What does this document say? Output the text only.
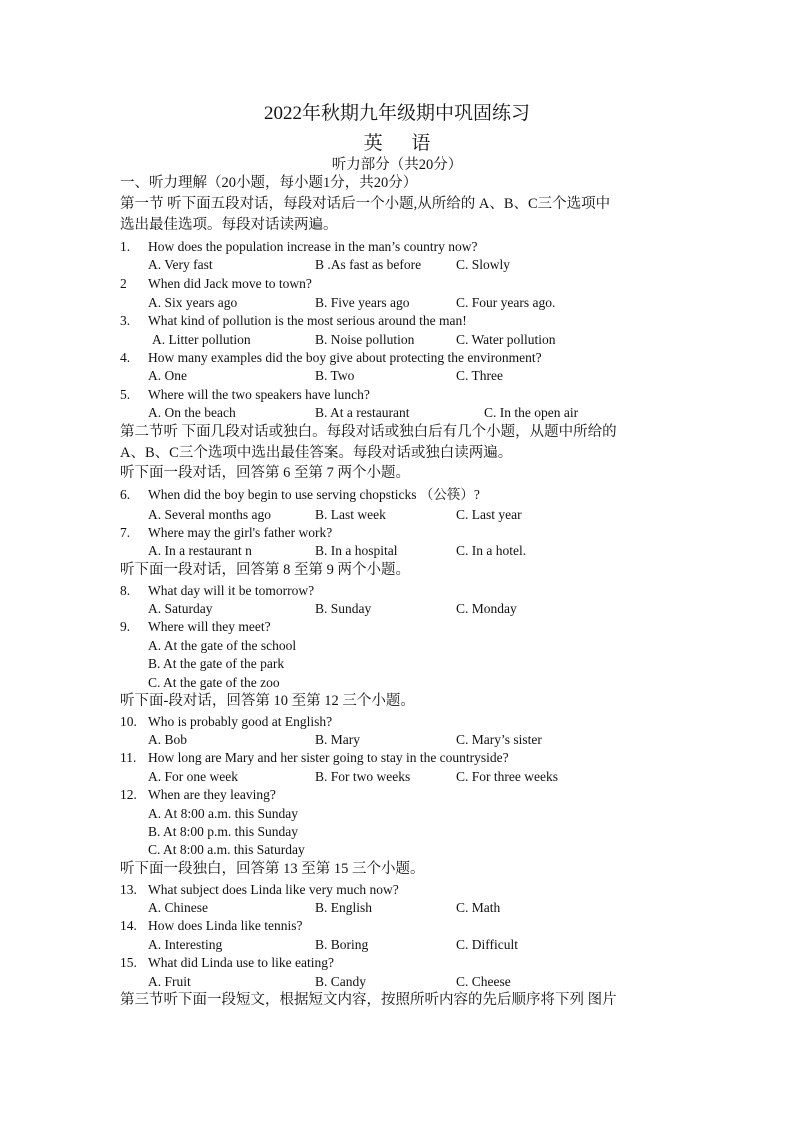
2022年秋期九年级期中巩固练习
英 语
听力部分（共20分）
一、听力理解（20小题，每小题1分，共20分）
第一节 听下面五段对话，每段对话后一个小题,从所给的 A、B、C三个选项中
选出最佳选项。每段对话读两遍。
1. How does the population increase in the man’s country now?
A. Very fast	B .As fast as before	C. Slowly
2 When did Jack move to town?
A. Six years ago	B. Five years ago	C. Four years ago.
3. What kind of pollution is the most serious around the man!
A. Litter pollution	B. Noise pollution	C. Water pollution
4. How many examples did the boy give about protecting the environment?
A. One	B. Two	C. Three
5. Where will the two speakers have lunch?
A. On the beach	B. At a restaurant	C. In the open air
第二节听 下面几段对话或独白。每段对话或独白后有几个小题，从题中所给的
A、B、C三个选项中选出最佳答案。每段对话或独白读两遍。
听下面一段对话，回答第 6 至第 7 两个小题。
6. When did the boy begin to use serving chopsticks （公筷）?
A. Several months ago	B. Last week	C. Last year
7. Where may the girl's father work?
A. In a restaurant n	B. In a hospital	C. In a hotel.
听下面一段对话，回答第 8 至第 9 两个小题。
8. What day will it be tomorrow?
A. Saturday	B. Sunday	C. Monday
9. Where will they meet?
A. At the gate of the school
B. At the gate of the park
C. At the gate of the zoo
听下面-段对话，回答第 10 至第 12 三个小题。
10. Who is probably good at English?
A. Bob	B. Mary	C. Mary’s sister
11. How long are Mary and her sister going to stay in the countryside?
A. For one week	B. For two weeks	C. For three weeks
12. When are they leaving?
A. At 8:00 a.m. this Sunday
B. At 8:00 p.m. this Sunday
C. At 8:00 a.m. this Saturday
听下面一段独白，回答第 13 至第 15 三个小题。
13. What subject does Linda like very much now?
A. Chinese	B. English	C. Math
14. How does Linda like tennis?
A. Interesting	B. Boring	C. Difficult
15. What did Linda use to like eating?
A. Fruit	B. Candy	C. Cheese
第三节听下面一段短文，根据短文内容，按照所听内容的先后顺序将下列 图片
